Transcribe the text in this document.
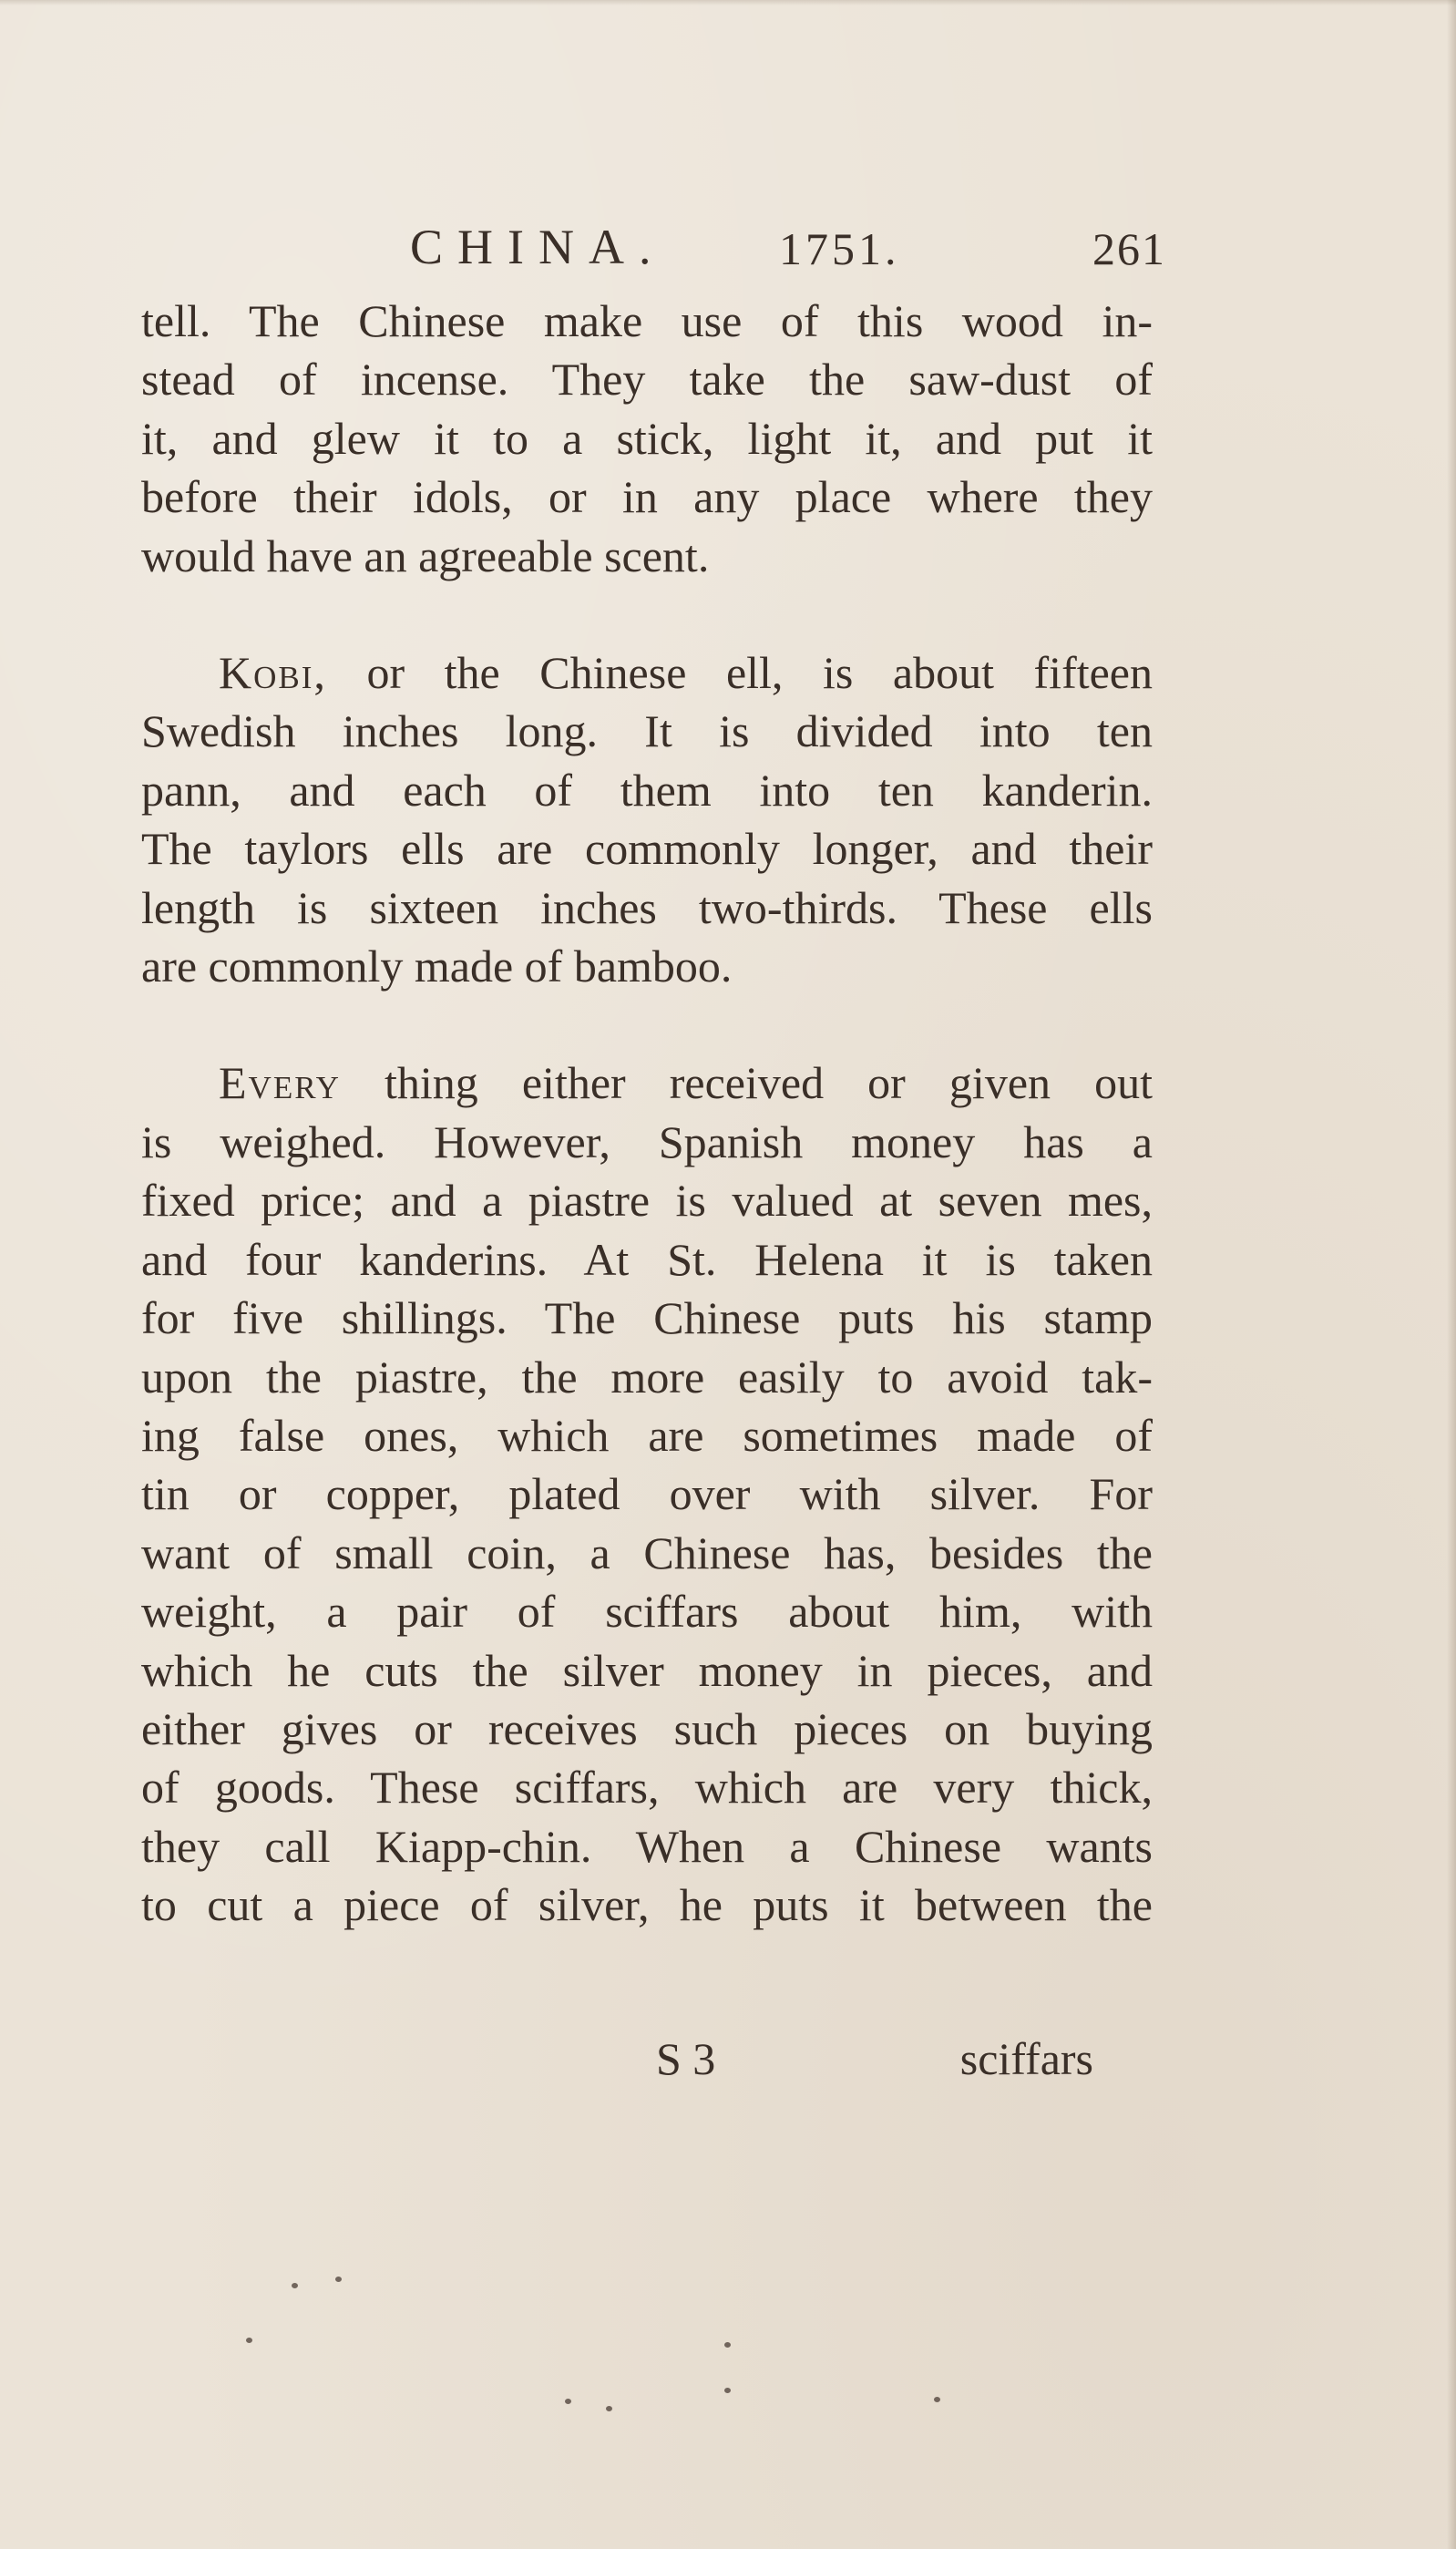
CHINA. 1751.	261
tell. The Chinese make use of this wood in-
stead of incense. They take the saw-dust of
it, and glew it to a stick, light it, and put it
before their idols, or in any place where they
would have an agreeable scent.
Kobi, or the Chinese ell, is about fifteen
Swedish inches long. It is divided into ten
pann, and each of them into ten kanderin.
The taylors ells are commonly longer, and their
length is sixteen inches two-thirds. These ells
are commonly made of bamboo.
Every thing either received or given out
is weighed. However, Spanish money has a
fixed price; and a piastre is valued at seven mes,
and four kanderins. At St. Helena it is taken
for five shillings. The Chinese puts his stamp
upon the piastre, the more easily to avoid tak-
ing false ones, which are sometimes made of
tin or copper, plated over with silver. For
want of small coin, a Chinese has, besides the
weight, a pair of sciffars about him, with
which he cuts the silver money in pieces, and
either gives or receives such pieces on buying
of goods. These sciffars, which are very thick,
they call Kiapp-chin. When a Chinese wants
to cut a piece of silver, he puts it between the
S 3	sciffars
